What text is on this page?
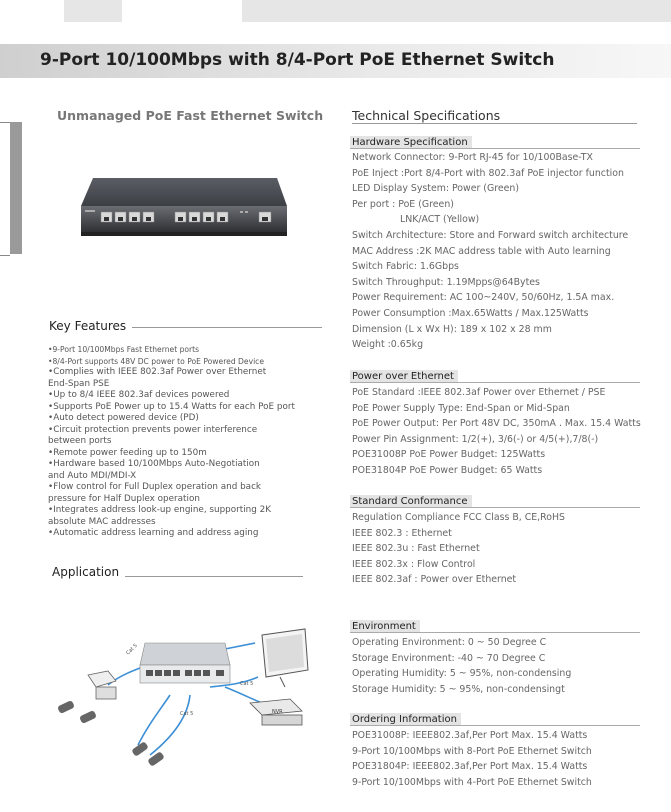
9-Port 10/100Mbps with 8/4-Port PoE Ethernet Switch
Unmanaged PoE Fast Ethernet Switch Technical Specifications
Hardware Specification
Network Connector: 9-Port RJ-45 for 10/100Base-TX
PoE Inject :Port 8/4-Port with 802.3af PoE injector function
LED Display System: Power (Green)
Per port : PoE (Green)
LNK/ACT (Yellow)
Switch Architecture: Store and Forward switch architecture
MAC Address :2K MAC address table with Auto learning
Switch Fabric: 1.6Gbps
Switch Throughput: 1.19Mpps@64Bytes
Power Requirement: AC 100~240V, 50/60Hz, 1.5A max.
Power Consumption :Max.65Watts / Max.125Watts
Dimension (L x Wx H): 189 x 102 x 28 mm
Weight :0.65kg
Power over Ethernet
PoE Standard :IEEE 802.3af Power over Ethernet / PSE
PoE Power Supply Type: End-Span or Mid-Span
PoE Power Output: Per Port 48V DC, 350mA . Max. 15.4 Watts
Power Pin Assignment: 1/2(+), 3/6(-) or 4/5(+),7/8(-)
POE31008P PoE Power Budget: 125Watts
POE31804P PoE Power Budget: 65 Watts
Standard Conformance
Regulation Compliance FCC Class B, CE,RoHS
IEEE 802.3 : Ethernet
IEEE 802.3u : Fast Ethernet
IEEE 802.3x : Flow Control
IEEE 802.3af : Power over Ethernet
Environment
Operating Environment: 0 ~ 50 Degree C
Storage Environment: -40 ~ 70 Degree C
Operating Humidity: 5 ~ 95%, non-condensing
Storage Humidity: 5 ~ 95%, non-condensingt
Ordering Information
POE31008P: IEEE802.3af,Per Port Max. 15.4 Watts
9-Port 10/100Mbps with 8-Port PoE Ethernet Switch
POE31804P: IEEE802.3af,Per Port Max. 15.4 Watts
9-Port 10/100Mbps with 4-Port PoE Ethernet Switch
Key Features
•9-Port 10/100Mbps Fast Ethernet ports
•8/4-Port supports 48V DC power to PoE Powered Device
•Complies with IEEE 802.3af Power over Ethernet
End-Span PSE
•Up to 8/4 IEEE 802.3af devices powered
•Supports PoE Power up to 15.4 Watts for each PoE port
•Auto detect powered device (PD)
•Circuit protection prevents power interference
between ports
•Remote power feeding up to 150m
•Hardware based 10/100Mbps Auto-Negotiation
and Auto MDI/MDI-X
•Flow control for Full Duplex operation and back
pressure for Half Duplex operation
•Integrates address look-up engine, supporting 2K
absolute MAC addresses
•Automatic address learning and address aging
Application
NVR
Cat 5
Cat 5
Cat 5
